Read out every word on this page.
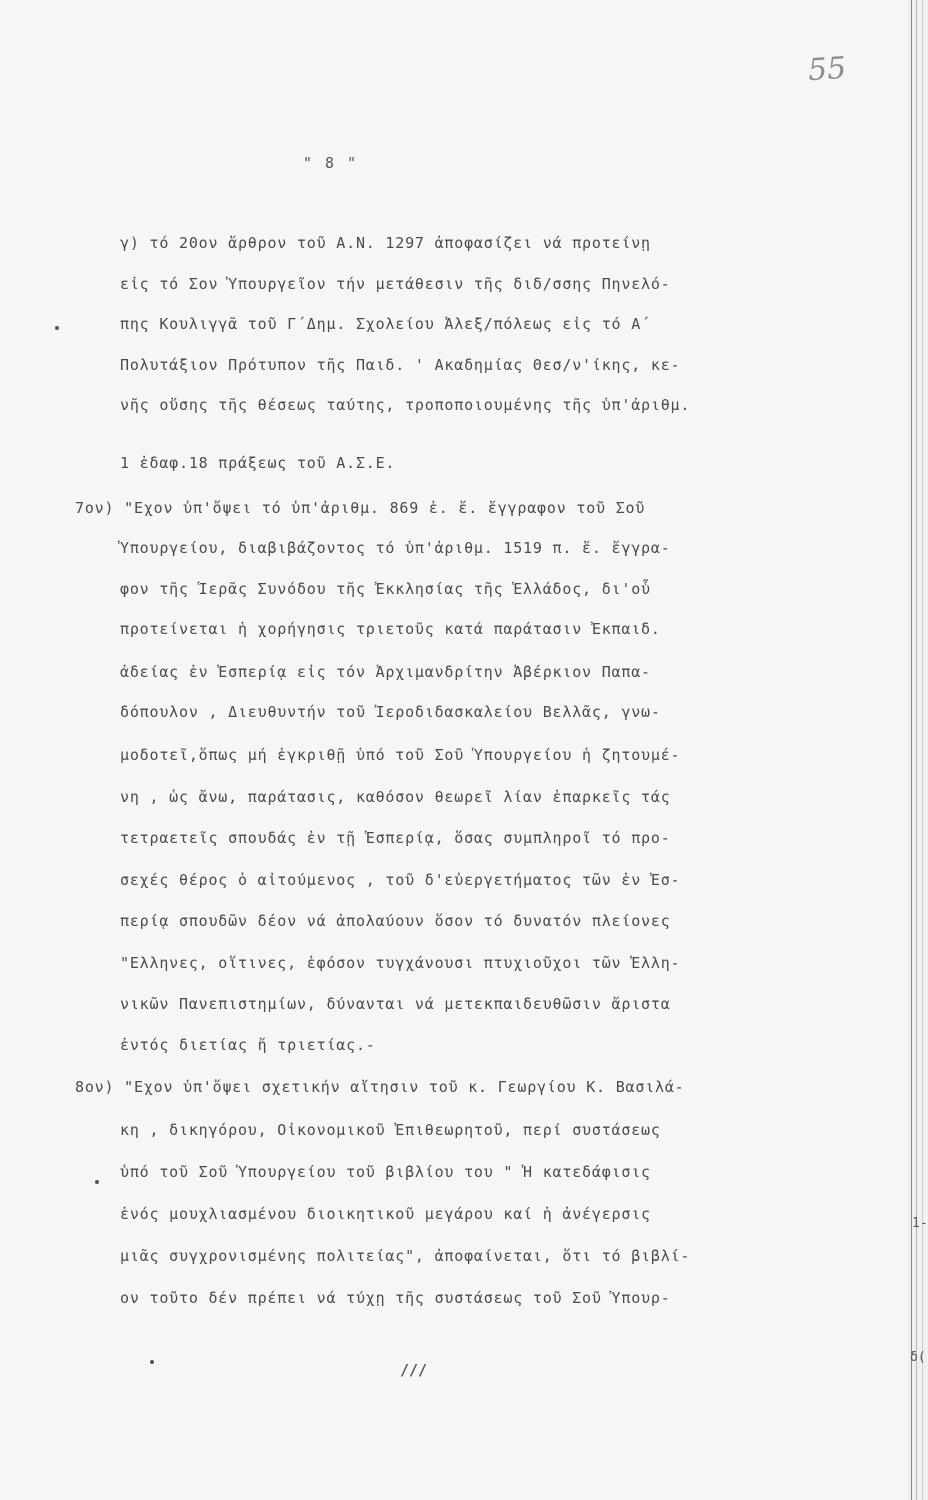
1-
δ(
55
" 8 "
γ) τό 20ον ἄρθρον τοῦ Α.Ν. 1297 ἀποφασίζει νά προτείνῃ
εἰς τό Σον Ὑπουργεῖον τήν μετάθεσιν τῆς διδ/σσης Πηνελό-
πης Κουλιγγᾶ τοῦ Γ΄Δημ. Σχολείου Ἀλεξ/πόλεως εἰς τό Α΄
Πολυτάξιον Πρότυπον τῆς Παιδ. ' Ακαδημίας Θεσ/ν'ίκης, κε-
νῆς οὔσης τῆς θέσεως ταύτης, τροποποιουμένης τῆς ὑπ'ἀριθμ.
1 ἐδαφ.18 πράξεως τοῦ Α.Σ.Ε.
7ον) "Εχον ὑπ'ὄψει τό ὑπ'ἀριθμ. 869 ἐ. ἔ. ἔγγραφον τοῦ Σοῦ
Ὑπουργείου, διαβιβάζοντος τό ὑπ'ἀριθμ. 1519 π. ἔ. ἔγγρα-
φον τῆς Ἱερᾶς Συνόδου τῆς Ἐκκλησίας τῆς Ἑλλάδος, δι'οὗ
προτείνεται ἡ χορήγησις τριετοῦς κατά παράτασιν Ἐκπαιδ.
ἀδείας ἐν Ἑσπερίᾳ εἰς τόν Ἀρχιμανδρίτην Ἀβέρκιον Παπα-
δόπουλον , Διευθυντήν τοῦ Ἱεροδιδασκαλείου Βελλᾶς, γνω-
μοδοτεῖ,ὅπως μή ἐγκριθῇ ὑπό τοῦ Σοῦ Ὑπουργείου ἡ ζητουμέ-
νη , ὡς ἄνω, παράτασις, καθόσον θεωρεῖ λίαν ἐπαρκεῖς τάς
τετραετεῖς σπουδάς ἐν τῇ Ἑσπερίᾳ, ὅσας συμπληροῖ τό προ-
σεχές θέρος ὁ αἰτούμενος , τοῦ δ'εὐεργετήματος τῶν ἐν Ἑσ-
περίᾳ σπουδῶν δέον νά ἀπολαύουν ὅσον τό δυνατόν πλείονες
"Ελληνες, οἵτινες, ἐφόσον τυγχάνουσι πτυχιοῦχοι τῶν Ἑλλη-
νικῶν Πανεπιστημίων, δύνανται νά μετεκπαιδευθῶσιν ἄριστα
ἐντός διετίας ἤ τριετίας.-
8ον) "Εχον ὑπ'ὄψει σχετικήν αἴτησιν τοῦ κ. Γεωργίου Κ. Βασιλά-
κη , δικηγόρου, Οἰκονομικοῦ Ἐπιθεωρητοῦ, περί συστάσεως
ὑπό τοῦ Σοῦ Ὑπουργείου τοῦ βιβλίου του " Ἡ κατεδάφισις
ἑνός μουχλιασμένου διοικητικοῦ μεγάρου καί ἡ ἀνέγερσις
μιᾶς συγχρονισμένης πολιτείας", ἀποφαίνεται, ὅτι τό βιβλί-
ον τοῦτο δέν πρέπει νά τύχῃ τῆς συστάσεως τοῦ Σοῦ Ὑπουρ-
///
